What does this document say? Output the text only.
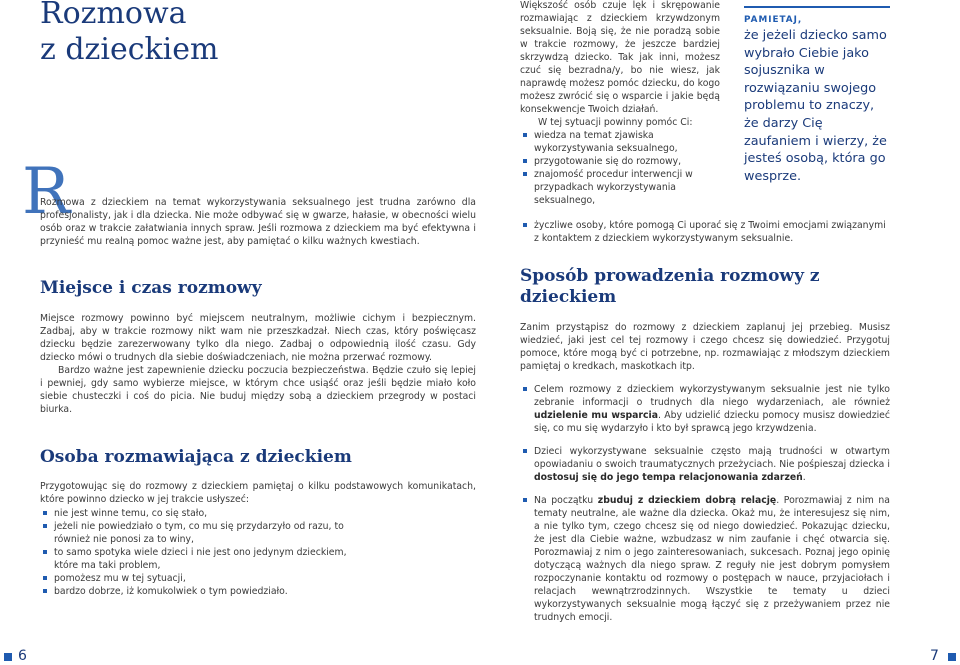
Rozmowa
z dzieckiem
R

Rozmowa z dzieckiem na temat wykorzystywania seksualnego jest trudna zarówno dla profesjonalisty, jak i dla dziecka. Nie może odbywać się w gwarze, hałasie, w obecności wielu osób oraz w trakcie załatwiania innych spraw. Jeśli rozmowa z dzieckiem ma być efektywna i przynieść mu realną pomoc ważne jest, aby pamiętać o kilku ważnych kwestiach.

Miejsce i czas rozmowy

Miejsce rozmowy powinno być miejscem neutralnym, możliwie cichym i bezpiecznym. Zadbaj, aby w trakcie rozmowy nikt wam nie przeszkadzał. Niech czas, który poświęcasz dziecku będzie zarezerwowany tylko dla niego. Zadbaj o odpowiednią ilość czasu. Gdy dziecko mówi o trudnych dla siebie doświadczeniach, nie można przerwać rozmowy.

Bardzo ważne jest zapewnienie dziecku poczucia bezpieczeństwa. Będzie czuło się lepiej i pewniej, gdy samo wybierze miejsce, w którym chce usiąść oraz jeśli będzie miało koło siebie chusteczki i coś do picia. Nie buduj między sobą a dzieckiem przegrody w postaci biurka.

Osoba rozmawiająca z dzieckiem

Przygotowując się do rozmowy z dzieckiem pamiętaj o kilku podstawowych komunikatach, które powinno dziecko w jej trakcie usłyszeć:

nie jest winne temu, co się stało,
jeżeli nie powiedziało o tym, co mu się przydarzyło od razu, to również nie ponosi za to winy,
to samo spotyka wiele dzieci i nie jest ono jedynym dzieckiem, które ma taki problem,
pomożesz mu w tej sytuacji,
bardzo dobrze, iż komukolwiek o tym powiedziało.
6

Większość osób czuje lęk i skrępowanie rozmawiając z dzieckiem krzywdzonym seksualnie. Boją się, że nie poradzą sobie w trakcie rozmowy, że jeszcze bardziej skrzywdzą dziecko. Tak jak inni, możesz czuć się bezradna/y, bo nie wiesz, jak naprawdę możesz pomóc dziecku, do kogo możesz zwrócić się o wsparcie i jakie będą konsekwencje Twoich działań.

W tej sytuacji powinny pomóc Ci:

wiedza na temat zjawiska wykorzystywania seksualnego,
przygotowanie się do rozmowy,
znajomość procedur interwencji w przypadkach wykorzystywania seksualnego,
życzliwe osoby, które pomogą Ci uporać się z Twoimi emocjami związanymi z kontaktem z dzieckiem wykorzystywanym seksualnie.
PAMIETAJ,
że jeżeli dziecko samo wybrało Ciebie jako sojusznika w rozwiązaniu swojego problemu to znaczy, że darzy Cię zaufaniem i wierzy, że jesteś osobą, która go wesprze.
Sposób prowadzenia rozmowy z dzieckiem

Zanim przystąpisz do rozmowy z dzieckiem zaplanuj jej przebieg. Musisz wiedzieć, jaki jest cel tej rozmowy i czego chcesz się dowiedzieć. Przygotuj pomoce, które mogą być ci potrzebne, np. rozmawiając z młodszym dzieckiem pamiętaj o kredkach, maskotkach itp.

Celem rozmowy z dzieckiem wykorzystywanym seksualnie jest nie tylko zebranie informacji o trudnych dla niego wydarzeniach, ale również udzielenie mu wsparcia. Aby udzielić dziecku pomocy musisz dowiedzieć się, co mu się wydarzyło i kto był sprawcą jego krzywdzenia.
Dzieci wykorzystywane seksualnie często mają trudności w otwartym opowiadaniu o swoich traumatycznych przeżyciach. Nie pośpieszaj dziecka i dostosuj się do jego tempa relacjonowania zdarzeń.
Na początku zbuduj z dzieckiem dobrą relację. Porozmawiaj z nim na tematy neutralne, ale ważne dla dziecka. Okaż mu, że interesujesz się nim, a nie tylko tym, czego chcesz się od niego dowiedzieć. Pokazując dziecku, że jest dla Ciebie ważne, wzbudzasz w nim zaufanie i chęć otwarcia się. Porozmawiaj z nim o jego zainteresowaniach, sukcesach. Poznaj jego opinię dotyczącą ważnych dla niego spraw. Z reguły nie jest dobrym pomysłem rozpoczynanie kontaktu od rozmowy o postępach w nauce, przyjaciołach i relacjach wewnątrzrodzinnych. Wszystkie te tematy u dzieci wykorzystywanych seksualnie mogą łączyć się z przeżywaniem przez nie trudnych emocji.
7
